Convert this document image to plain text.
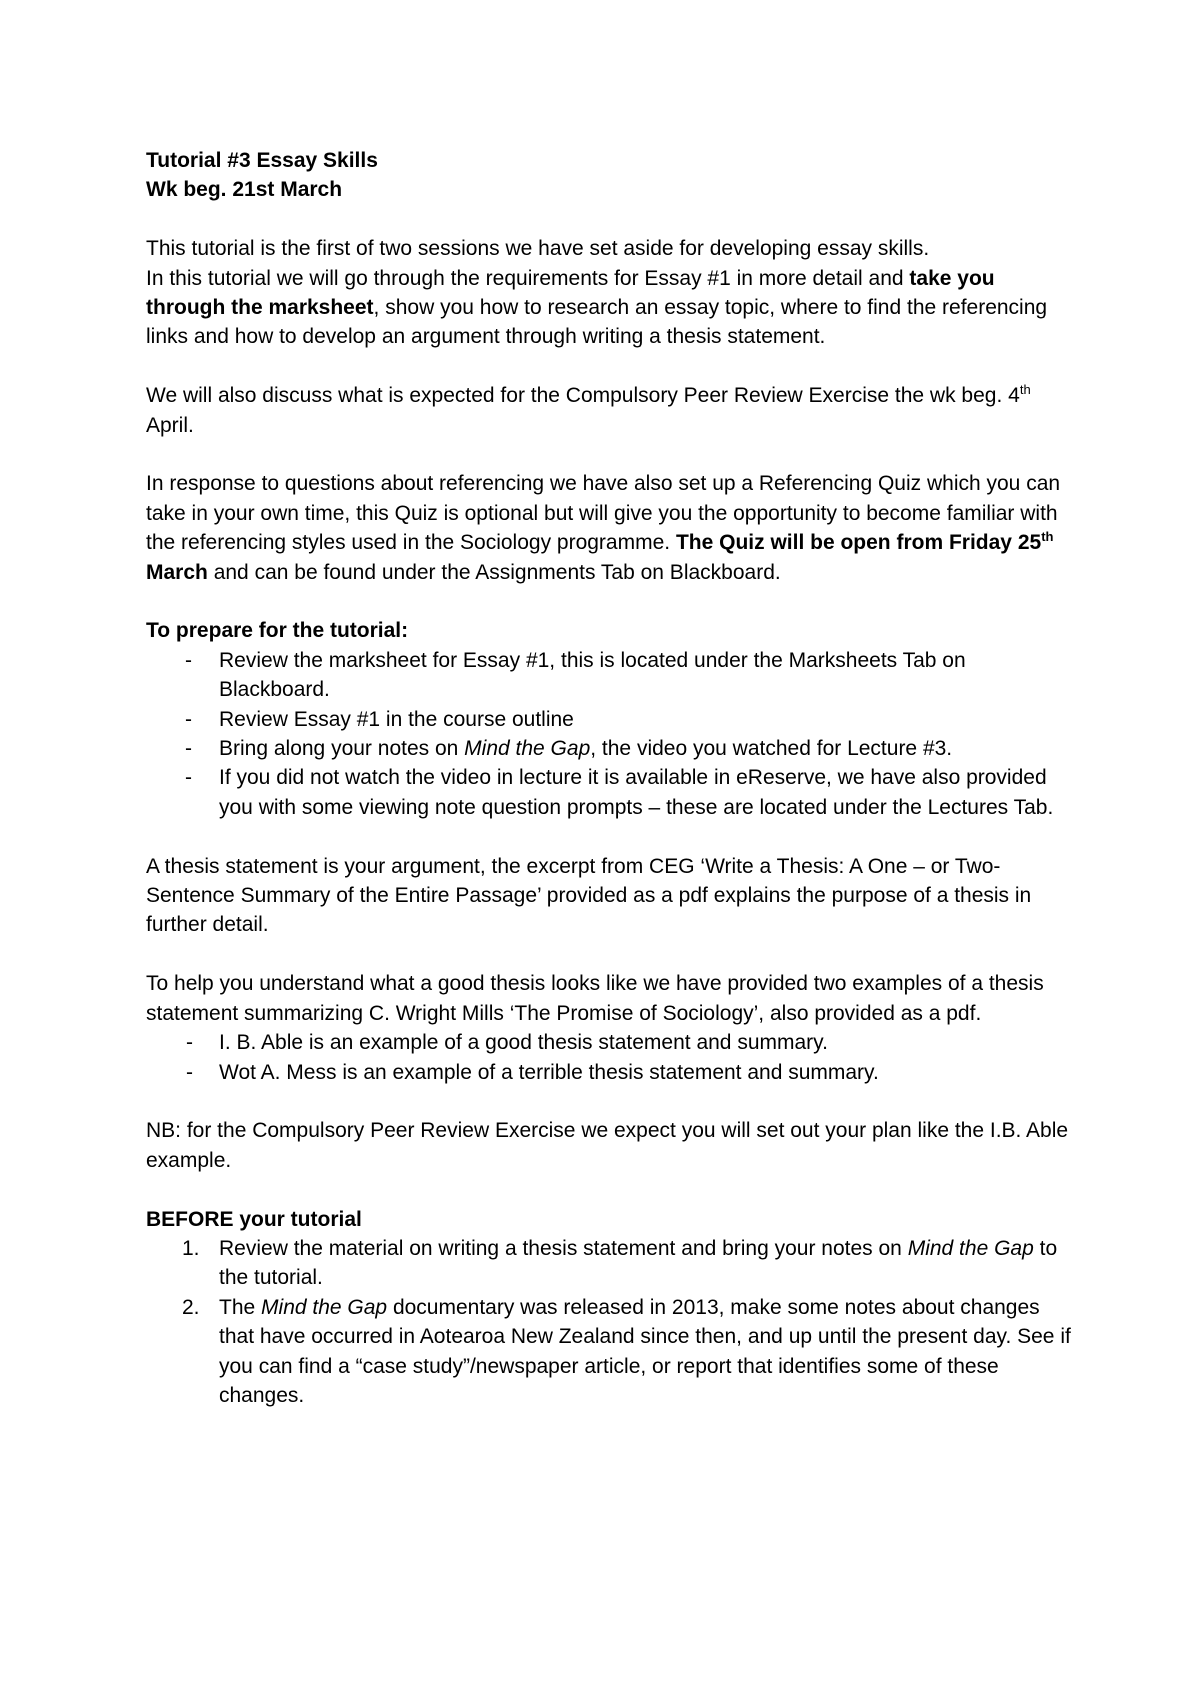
Tutorial #3 Essay Skills

Wk beg. 21st March

This tutorial is the first of two sessions we have set aside for developing essay skills.

In this tutorial we will go through the requirements for Essay #1 in more detail and take you through the marksheet, show you how to research an essay topic, where to find the referencing links and how to develop an argument through writing a thesis statement.

We will also discuss what is expected for the Compulsory Peer Review Exercise the wk beg. 4th April.

In response to questions about referencing we have also set up a Referencing Quiz which you can take in your own time, this Quiz is optional but will give you the opportunity to become familiar with the referencing styles used in the Sociology programme. The Quiz will be open from Friday 25th March and can be found under the Assignments Tab on Blackboard.

To prepare for the tutorial:

- Review the marksheet for Essay #1, this is located under the Marksheets Tab on Blackboard.
- Review Essay #1 in the course outline
- Bring along your notes on Mind the Gap, the video you watched for Lecture #3.
- If you did not watch the video in lecture it is available in eReserve, we have also provided you with some viewing note question prompts – these are located under the Lectures Tab.

A thesis statement is your argument, the excerpt from CEG ‘Write a Thesis: A One – or Two-Sentence Summary of the Entire Passage’ provided as a pdf explains the purpose of a thesis in further detail.

To help you understand what a good thesis looks like we have provided two examples of a thesis statement summarizing C. Wright Mills ‘The Promise of Sociology’, also provided as a pdf.

- I. B. Able is an example of a good thesis statement and summary.
- Wot A. Mess is an example of a terrible thesis statement and summary.

NB: for the Compulsory Peer Review Exercise we expect you will set out your plan like the I.B. Able example.

BEFORE your tutorial

1. Review the material on writing a thesis statement and bring your notes on Mind the Gap to the tutorial.
2. The Mind the Gap documentary was released in 2013, make some notes about changes that have occurred in Aotearoa New Zealand since then, and up until the present day. See if you can find a “case study”/newspaper article, or report that identifies some of these changes.
